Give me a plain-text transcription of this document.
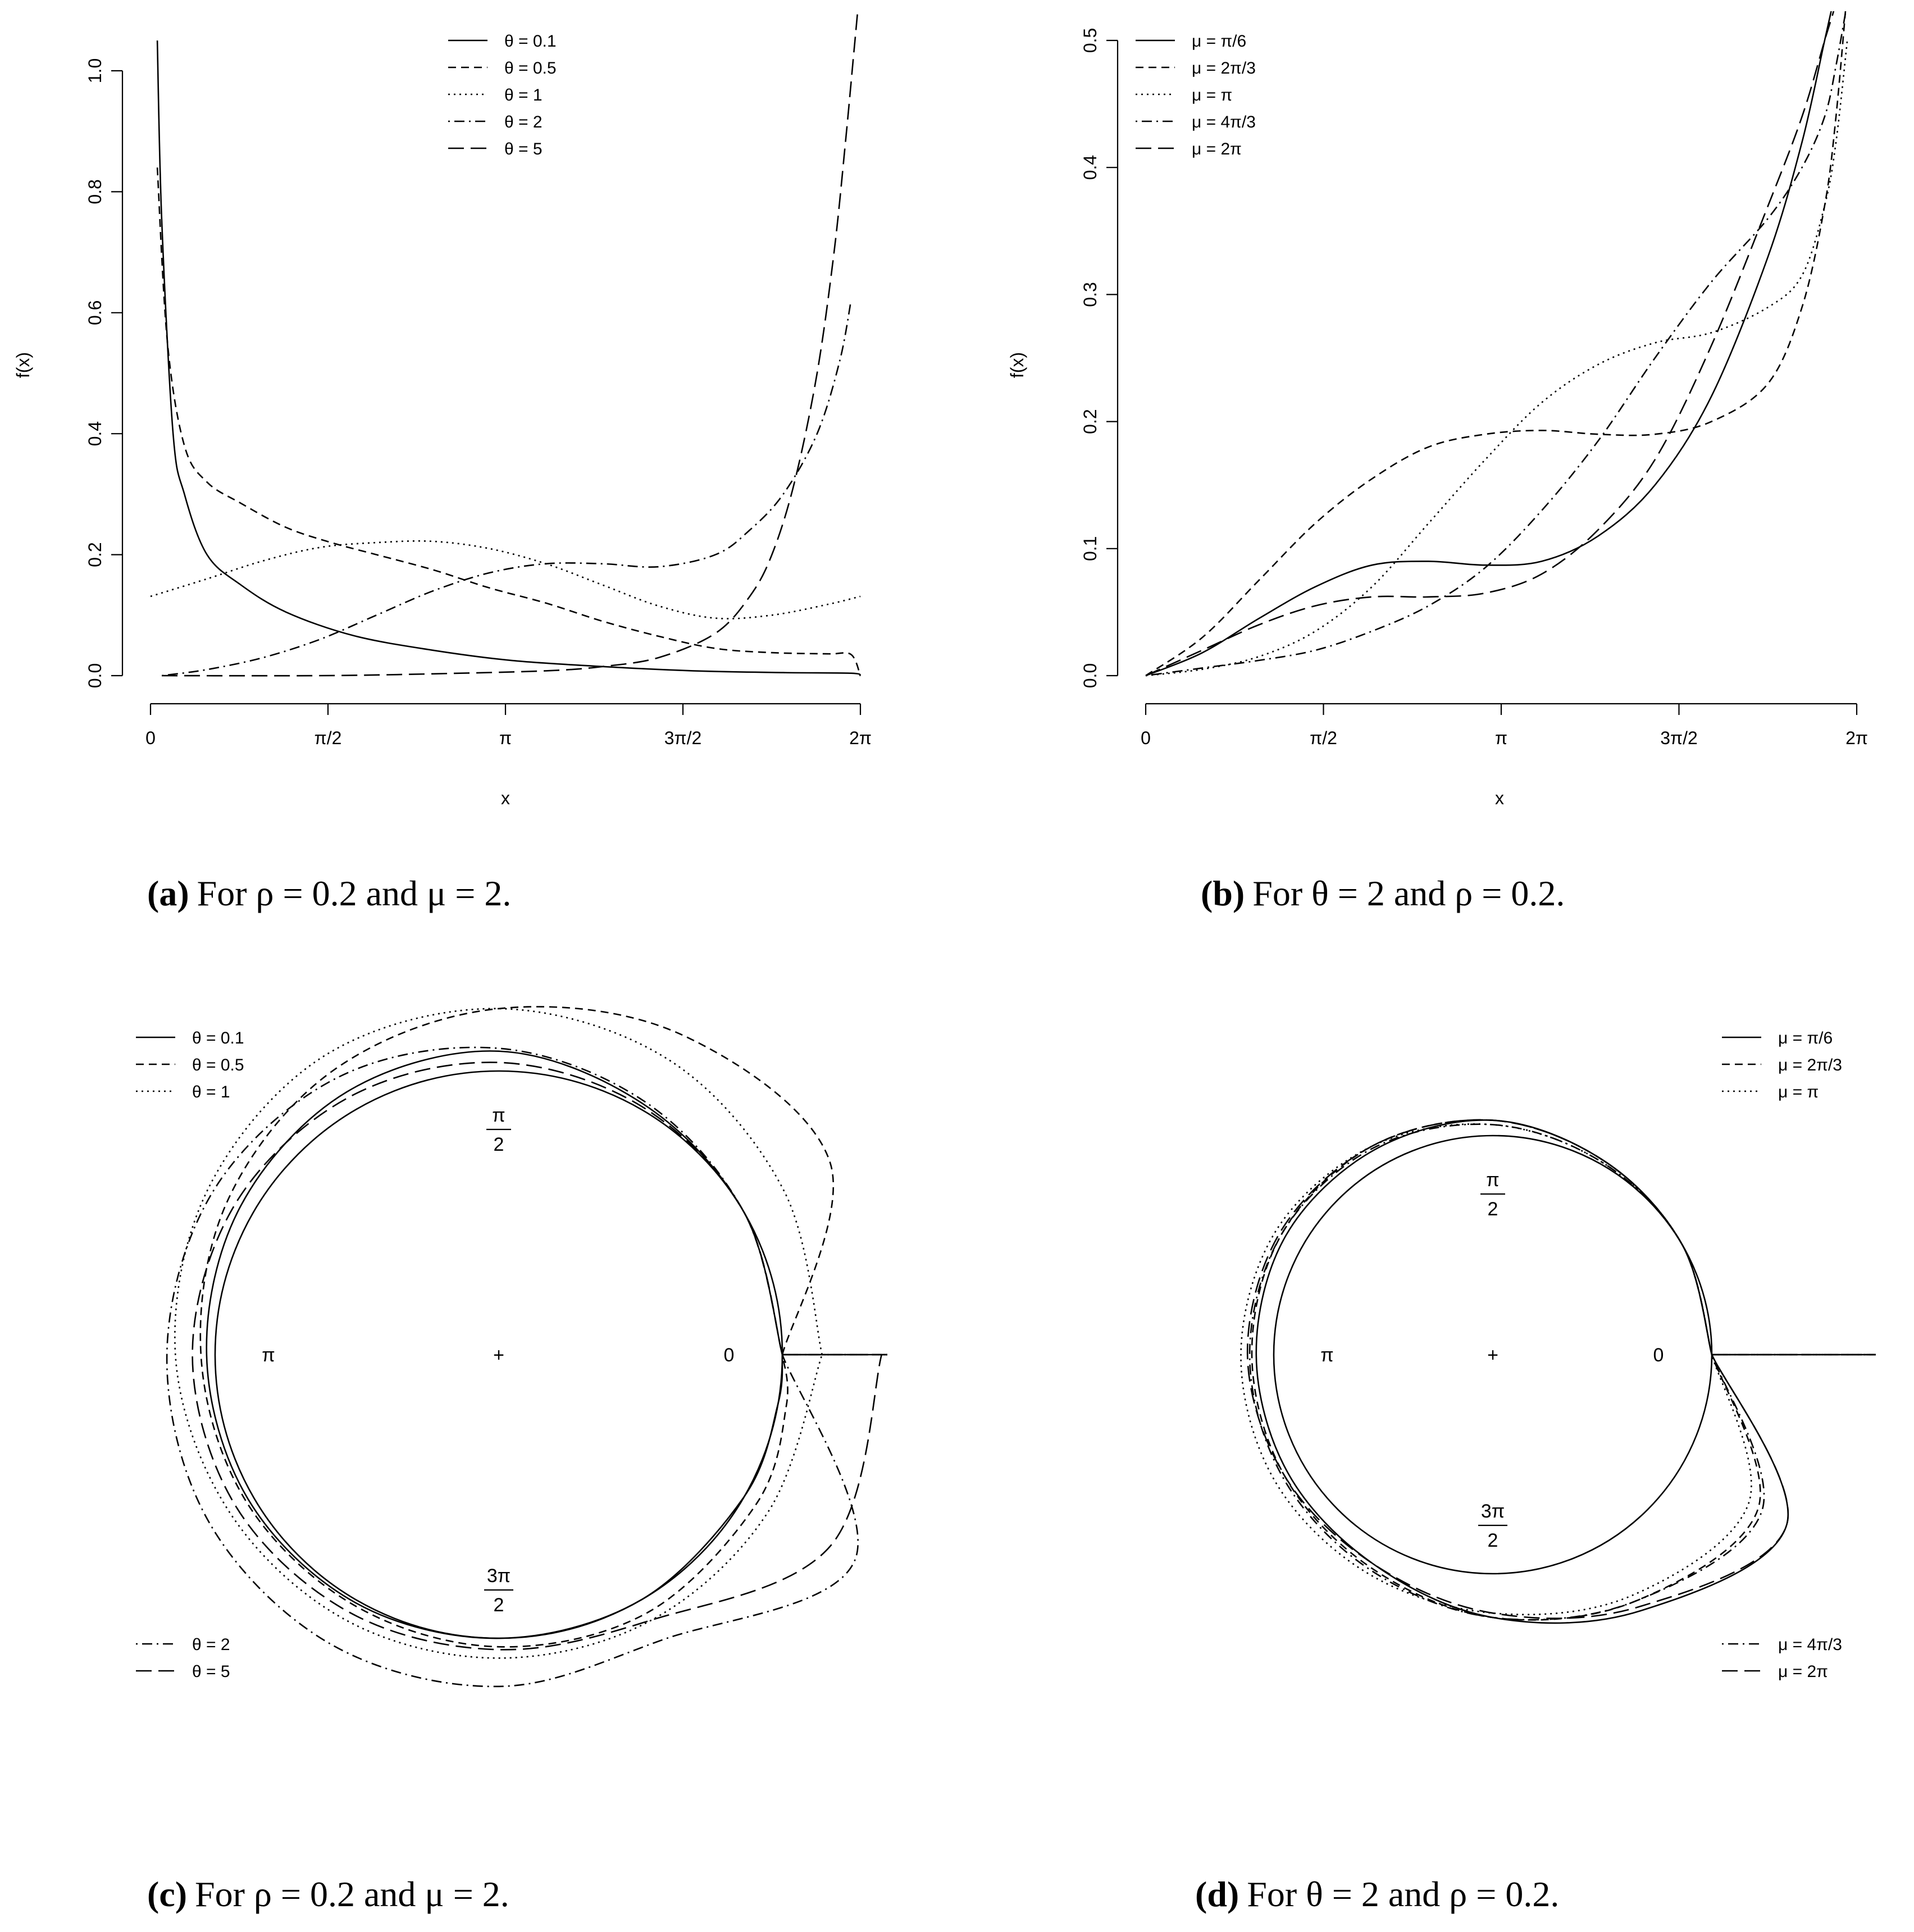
0.0
0.2
0.4
0.6
0.8
1.0
0	π/2	π	3π/2	2π
x
f(x)
θ = 0.1
θ = 0.5
θ = 1
θ = 2
θ = 5
(a) For ρ = 0.2 and μ = 2.
0.0
0.1
0.2
0.3
0.4
0.5
0	π/2	π	3π/2	2π
x
f(x)
μ = π/6
μ = 2π/3
μ = π
μ = 4π/3
μ = 2π
(b) For θ = 2 and ρ = 0.2.
0
π	+
π
2
3π
2
θ = 0.1
θ = 0.5
θ = 1
θ = 2
θ = 5
(c) For ρ = 0.2 and μ = 2.
0
π	+
π
2
3π
2
μ = π/6
μ = 2π/3
μ = π
μ = 4π/3
μ = 2π
(d) For θ = 2 and ρ = 0.2.
